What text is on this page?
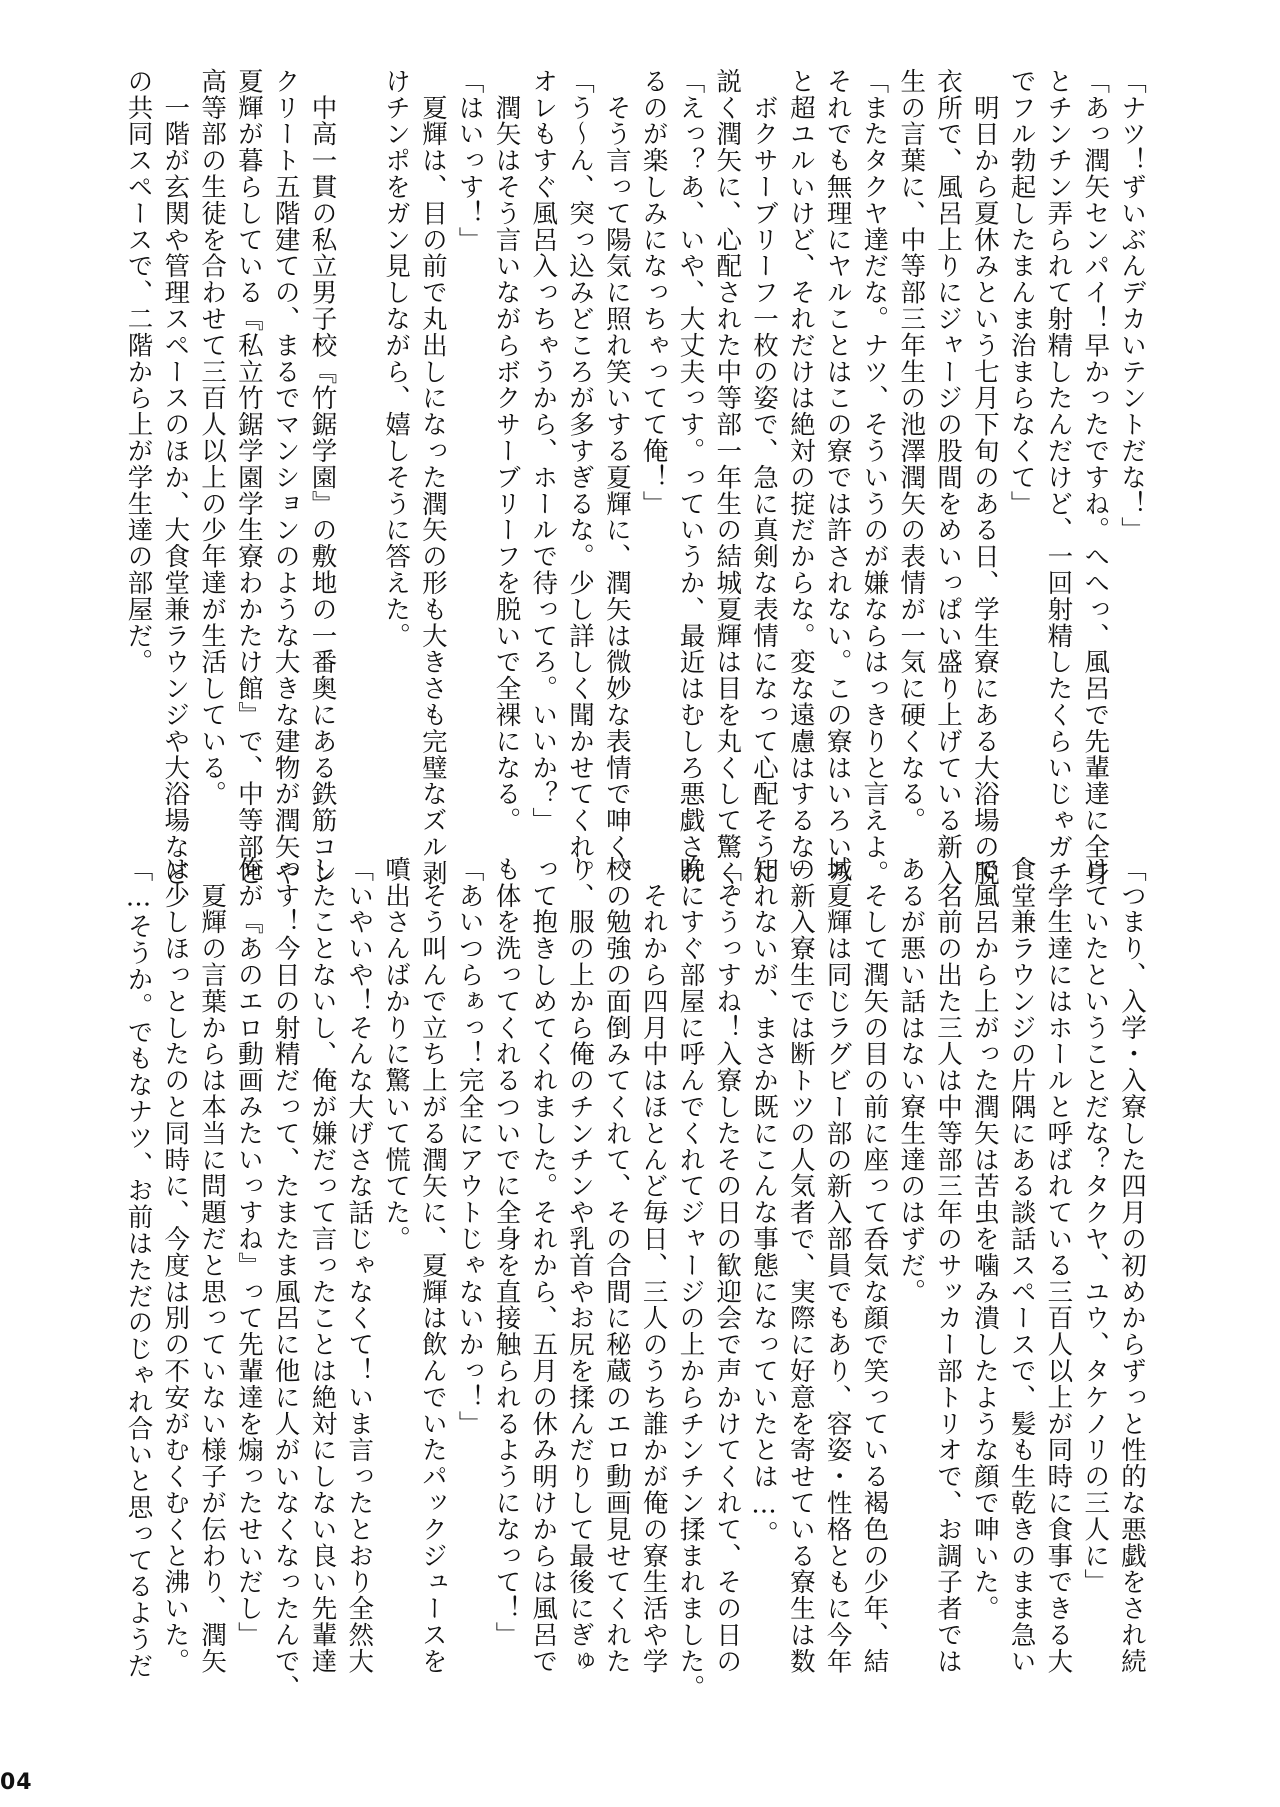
「ナツ！ずいぶんデカいテントだな！」
「あっ潤矢センパイ！早かったですね。へへっ、風呂で先輩達に全身
とチンチン弄られて射精したんだけど、一回射精したくらいじゃガチ
でフル勃起したまんま治まらなくて」
　明日から夏休みという七月下旬のある日、学生寮にある大浴場の脱
衣所で、風呂上りにジャージの股間をめいっぱい盛り上げている新入
生の言葉に、中等部三年生の池澤潤矢の表情が一気に硬くなる。
「またタクヤ達だな。ナツ、そういうのが嫌ならはっきりと言えよ。
それでも無理にヤルことはこの寮では許されない。この寮はいろいろ
と超ユルいけど、それだけは絶対の掟だからな。変な遠慮はするな」
　ボクサーブリーフ一枚の姿で、急に真剣な表情になって心配そうに
説く潤矢に、心配された中等部一年生の結城夏輝は目を丸くして驚く。
「えっ？あ、いや、大丈夫っす。っていうか、最近はむしろ悪戯され
るのが楽しみになっちゃってて俺！」
　そう言って陽気に照れ笑いする夏輝に、潤矢は微妙な表情で呻く。
「う～ん、突っ込みどころが多すぎるな。少し詳しく聞かせてくれ。
オレもすぐ風呂入っちゃうから、ホールで待ってろ。いいか？」
　潤矢はそう言いながらボクサーブリーフを脱いで全裸になる。
「はいっす！」
　夏輝は、目の前で丸出しになった潤矢の形も大きさも完璧なズル剥
けチンポをガン見しながら、嬉しそうに答えた。
　中高一貫の私立男子校『竹鋸学園』の敷地の一番奥にある鉄筋コン
クリート五階建ての、まるでマンションのような大きな建物が潤矢や
夏輝が暮らしている『私立竹鋸学園学生寮わかたけ館』で、中等部と
高等部の生徒を合わせて三百人以上の少年達が生活している。
　一階が玄関や管理スペースのほか、大食堂兼ラウンジや大浴場など
の共同スペースで、二階から上が学生達の部屋だ。
「つまり、入学・入寮した四月の初めからずっと性的な悪戯をされ続
けていたということだな？タクヤ、ユウ、タケノリの三人に」
　学生達にはホールと呼ばれている三百人以上が同時に食事できる大
食堂兼ラウンジの片隅にある談話スペースで、髪も生乾きのまま急い
で風呂から上がった潤矢は苦虫を噛み潰したような顔で呻いた。
　名前の出た三人は中等部三年のサッカー部トリオで、お調子者では
あるが悪い話はない寮生達のはずだ。
　そして潤矢の目の前に座って呑気な顔で笑っている褐色の少年、結
城夏輝は同じラグビー部の新入部員でもあり、容姿・性格ともに今年
の新入寮生では断トツの人気者で、実際に好意を寄せている寮生は数
知れないが、まさか既にこんな事態になっていたとは…。
「そうっすね！入寮したその日の歓迎会で声かけてくれて、その日の
晩にすぐ部屋に呼んでくれてジャージの上からチンチン揉まれました。
　それから四月中はほとんど毎日、三人のうち誰かが俺の寮生活や学
校の勉強の面倒みてくれて、その合間に秘蔵のエロ動画見せてくれた
り、服の上から俺のチンチンや乳首やお尻を揉んだりして最後にぎゅ
って抱きしめてくれました。それから、五月の休み明けからは風呂で
も体を洗ってくれるついでに全身を直接触られるようになって！」
「あいつらぁっ！完全にアウトじゃないかっ！」
　そう叫んで立ち上がる潤矢に、夏輝は飲んでいたパックジュースを
噴出さんばかりに驚いて慌てた。
「いやいや！そんな大げさな話じゃなくて！いま言ったとおり全然大
したことないし、俺が嫌だって言ったことは絶対にしない良い先輩達
っす！今日の射精だって、たまたま風呂に他に人がいなくなったんで、
俺が『あのエロ動画みたいっすね』って先輩達を煽ったせいだし」
　夏輝の言葉からは本当に問題だと思っていない様子が伝わり、潤矢
は少しほっとしたのと同時に、今度は別の不安がむくむくと沸いた。
「…そうか。でもなナツ、お前はただのじゃれ合いと思ってるようだ
04
